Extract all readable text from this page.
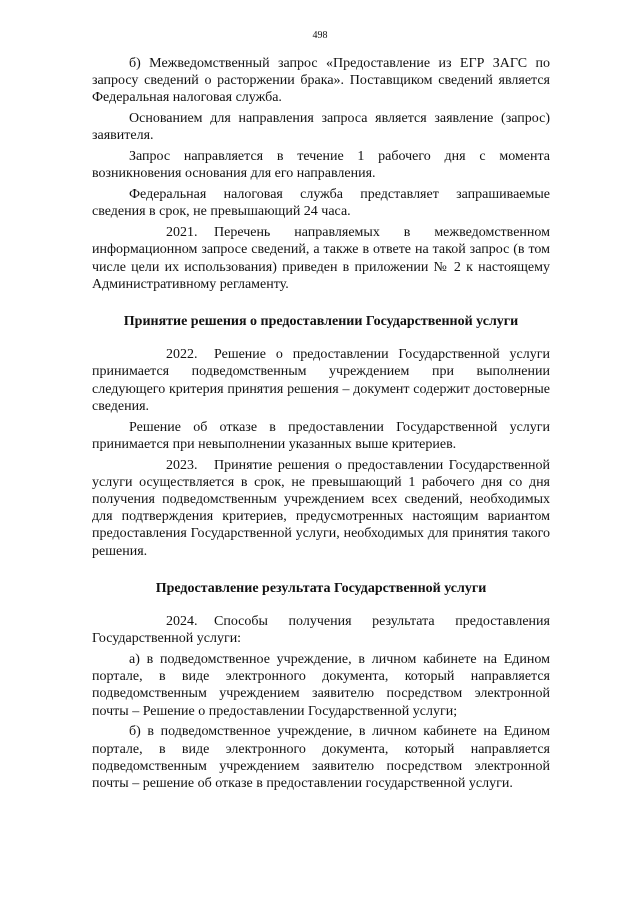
498

б) Межведомственный запрос «Предоставление из ЕГР ЗАГС по запросу сведений о расторжении брака». Поставщиком сведений является Федеральная налоговая служба.

Основанием для направления запроса является заявление (запрос) заявителя.

Запрос направляется в течение 1 рабочего дня с момента возникновения основания для его направления.

Федеральная налоговая служба представляет запрашиваемые сведения в срок, не превышающий 24 часа.

2021. Перечень направляемых в межведомственном информационном запросе сведений, а также в ответе на такой запрос (в том числе цели их использования) приведен в приложении № 2 к настоящему Административному регламенту.

Принятие решения о предоставлении Государственной услуги

2022. Решение о предоставлении Государственной услуги принимается подведомственным учреждением при выполнении следующего критерия принятия решения – документ содержит достоверные сведения.

Решение об отказе в предоставлении Государственной услуги принимается при невыполнении указанных выше критериев.

2023. Принятие решения о предоставлении Государственной услуги осуществляется в срок, не превышающий 1 рабочего дня со дня получения подведомственным учреждением всех сведений, необходимых для подтверждения критериев, предусмотренных настоящим вариантом предоставления Государственной услуги, необходимых для принятия такого решения.

Предоставление результата Государственной услуги

2024. Способы получения результата предоставления Государственной услуги:

а) в подведомственное учреждение, в личном кабинете на Едином портале, в виде электронного документа, который направляется подведомственным учреждением заявителю посредством электронной почты – Решение о предоставлении Государственной услуги;

б) в подведомственное учреждение, в личном кабинете на Едином портале, в виде электронного документа, который направляется подведомственным учреждением заявителю посредством электронной почты – решение об отказе в предоставлении государственной услуги.
